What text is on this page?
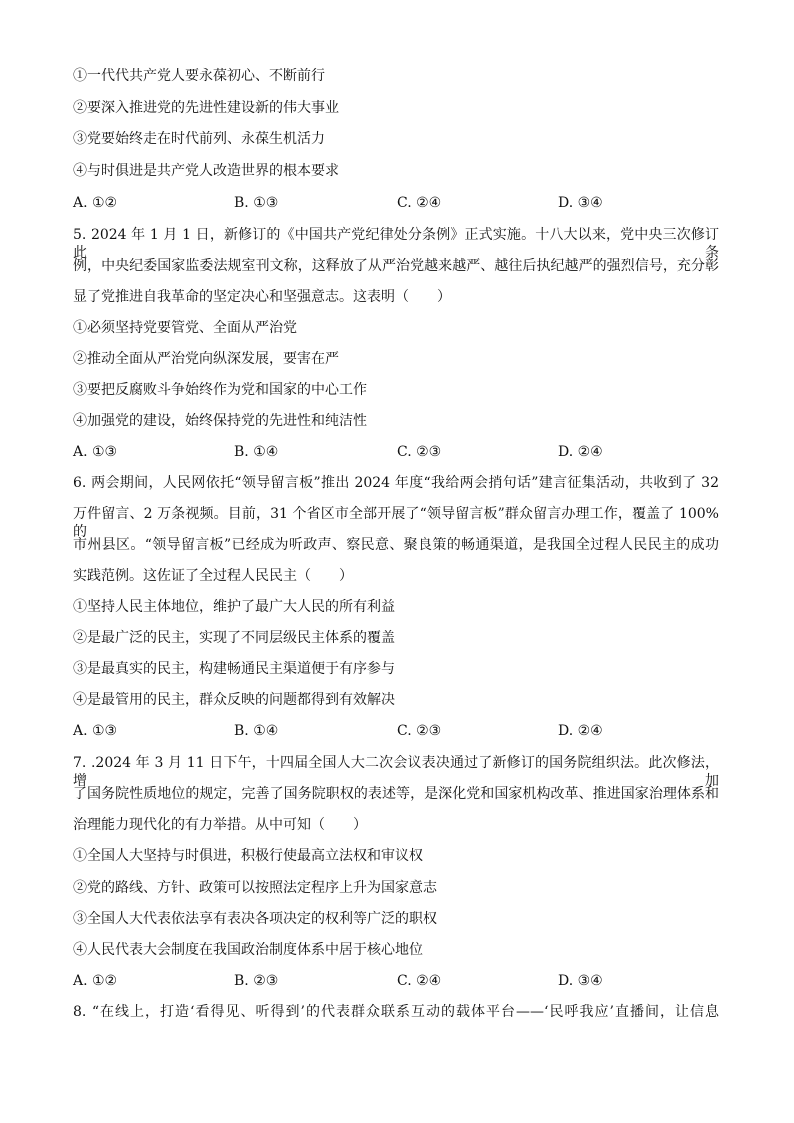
①一代代共产党人要永葆初心、不断前行
②要深入推进党的先进性建设新的伟大事业
③党要始终走在时代前列、永葆生机活力
④与时俱进是共产党人改造世界的根本要求
A. ①②	B. ①③	C. ②④	D. ③④
5. 2024 年 1 月 1 日，新修订的《中国共产党纪律处分条例》正式实施。十八大以来，党中央三次修订此条
例，中央纪委国家监委法规室刊文称，这释放了从严治党越来越严、越往后执纪越严的强烈信号，充分彰
显了党推进自我革命的坚定决心和坚强意志。这表明（　　）
①必须坚持党要管党、全面从严治党
②推动全面从严治党向纵深发展，要害在严
③要把反腐败斗争始终作为党和国家的中心工作
④加强党的建设，始终保持党的先进性和纯洁性
A. ①③	B. ①④	C. ②③	D. ②④
6. 两会期间，人民网依托“领导留言板”推出 2024 年度“我给两会捎句话”建言征集活动，共收到了 32
万件留言、2 万条视频。目前，31 个省区市全部开展了“领导留言板”群众留言办理工作，覆盖了 100%的
市州县区。“领导留言板”已经成为听政声、察民意、聚良策的畅通渠道，是我国全过程人民民主的成功
实践范例。这佐证了全过程人民民主（　　）
①坚持人民主体地位，维护了最广大人民的所有利益
②是最广泛的民主，实现了不同层级民主体系的覆盖
③是最真实的民主，构建畅通民主渠道便于有序参与
④是最管用的民主，群众反映的问题都得到有效解决
A. ①③	B. ①④	C. ②③	D. ②④
7. .2024 年 3 月 11 日下午，十四届全国人大二次会议表决通过了新修订的国务院组织法。此次修法，增加
了国务院性质地位的规定，完善了国务院职权的表述等，是深化党和国家机构改革、推进国家治理体系和
治理能力现代化的有力举措。从中可知（　　）
①全国人大坚持与时俱进，积极行使最高立法权和审议权
②党的路线、方针、政策可以按照法定程序上升为国家意志
③全国人大代表依法享有表决各项决定的权利等广泛的职权
④人民代表大会制度在我国政治制度体系中居于核心地位
A. ①②	B. ②③	C. ②④	D. ③④
8. “在线上，打造‘看得见、听得到’的代表群众联系互动的载体平台——‘民呼我应’直播间，让信息
